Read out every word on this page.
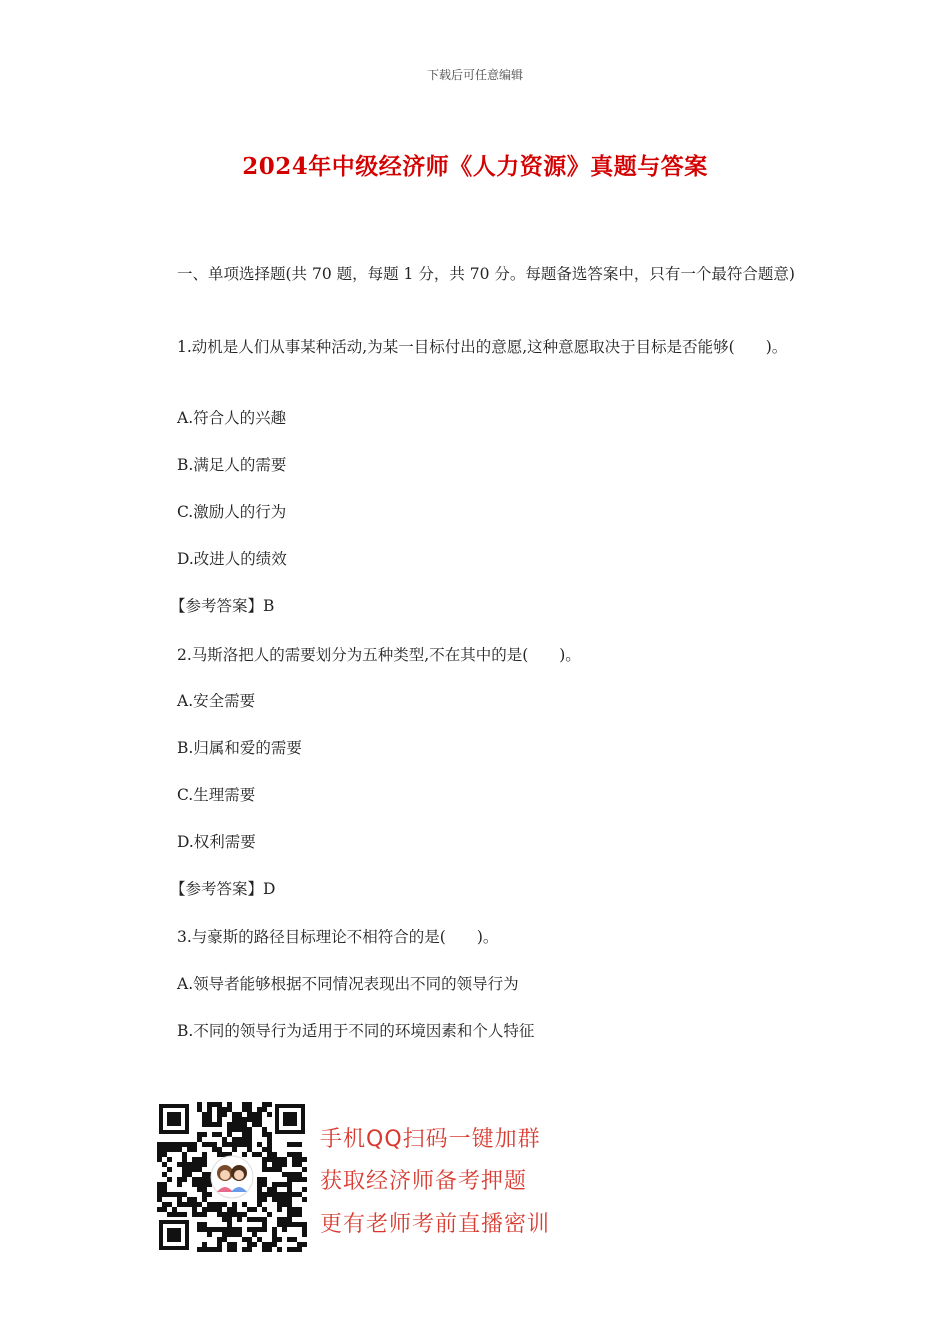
下载后可任意编辑
2024年中级经济师《人力资源》真题与答案
一、单项选择题(共 70 题，每题 1 分，共 70 分。每题备选答案中，只有一个最符合题意)
1.动机是人们从事某种活动,为某一目标付出的意愿,这种意愿取决于目标是否能够(　　)。
A.符合人的兴趣
B.满足人的需要
C.激励人的行为
D.改进人的绩效
【参考答案】B
2.马斯洛把人的需要划分为五种类型,不在其中的是(　　)。
A.安全需要
B.归属和爱的需要
C.生理需要
D.权利需要
【参考答案】D
3.与豪斯的路径目标理论不相符合的是(　　)。
A.领导者能够根据不同情况表现出不同的领导行为
B.不同的领导行为适用于不同的环境因素和个人特征
手机QQ扫码一键加群
获取经济师备考押题
更有老师考前直播密训
